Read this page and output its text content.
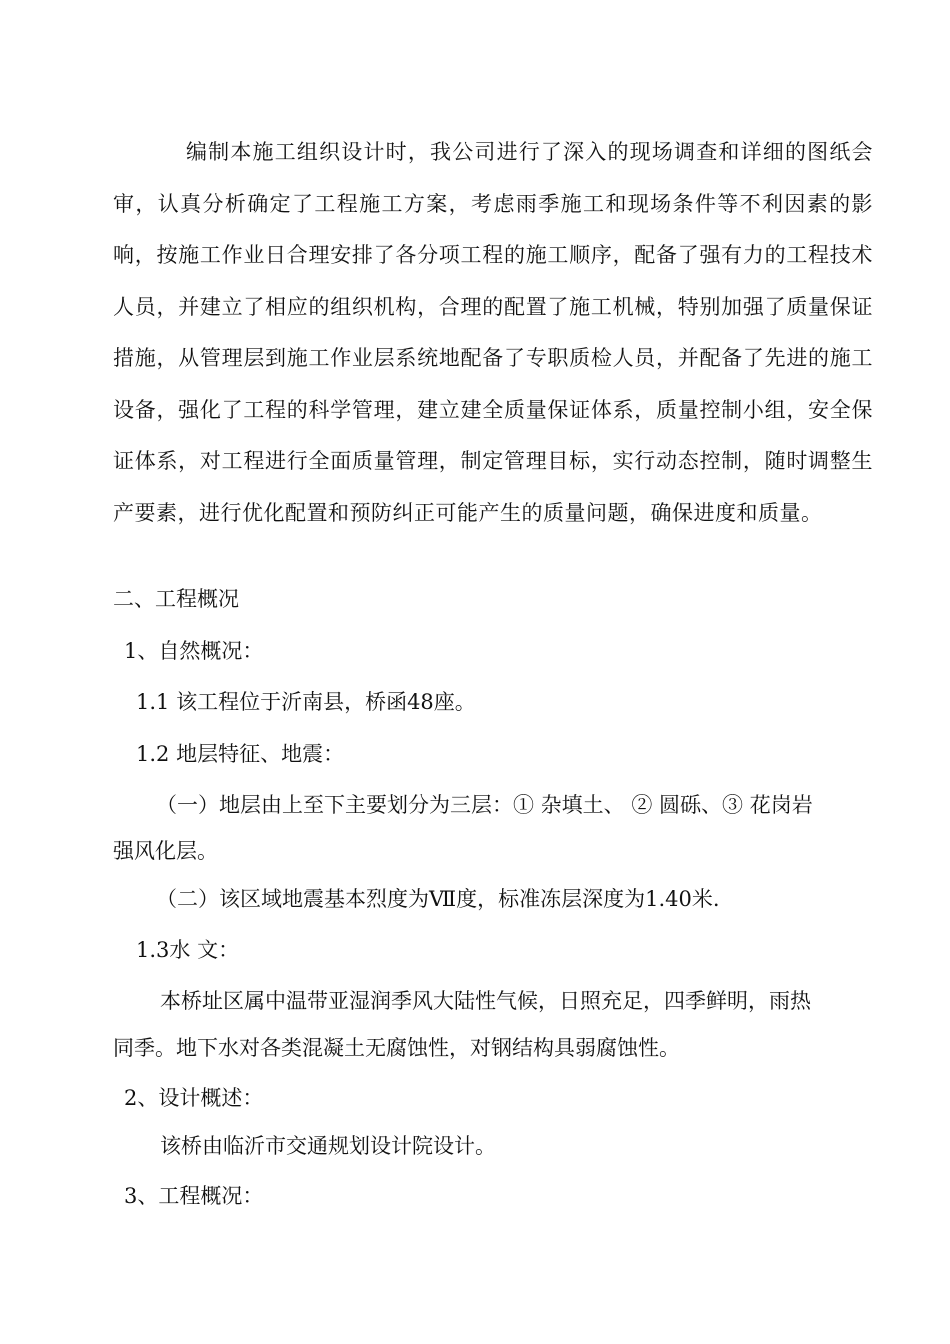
编制本施工组织设计时，我公司进行了深入的现场调查和详细的图纸会审，认真分析确定了工程施工方案，考虑雨季施工和现场条件等不利因素的影响，按施工作业日合理安排了各分项工程的施工顺序，配备了强有力的工程技术人员，并建立了相应的组织机构，合理的配置了施工机械，特别加强了质量保证措施，从管理层到施工作业层系统地配备了专职质检人员，并配备了先进的施工设备，强化了工程的科学管理，建立建全质量保证体系，质量控制小组，安全保证体系，对工程进行全面质量管理，制定管理目标，实行动态控制，随时调整生产要素，进行优化配置和预防纠正可能产生的质量问题，确保进度和质量。

二、工程概况

1、自然概况：

1.1 该工程位于沂南县，桥函48座。

1.2 地层特征、地震：

（一）地层由上至下主要划分为三层：① 杂填土、 ② 圆砾、③ 花岗岩

强风化层。

（二）该区域地震基本烈度为Ⅶ度，标准冻层深度为1.40米.

1.3水 文：

本桥址区属中温带亚湿润季风大陆性气候，日照充足，四季鲜明，雨热

同季。地下水对各类混凝土无腐蚀性，对钢结构具弱腐蚀性。

2、设计概述：

该桥由临沂市交通规划设计院设计。

3、工程概况：
